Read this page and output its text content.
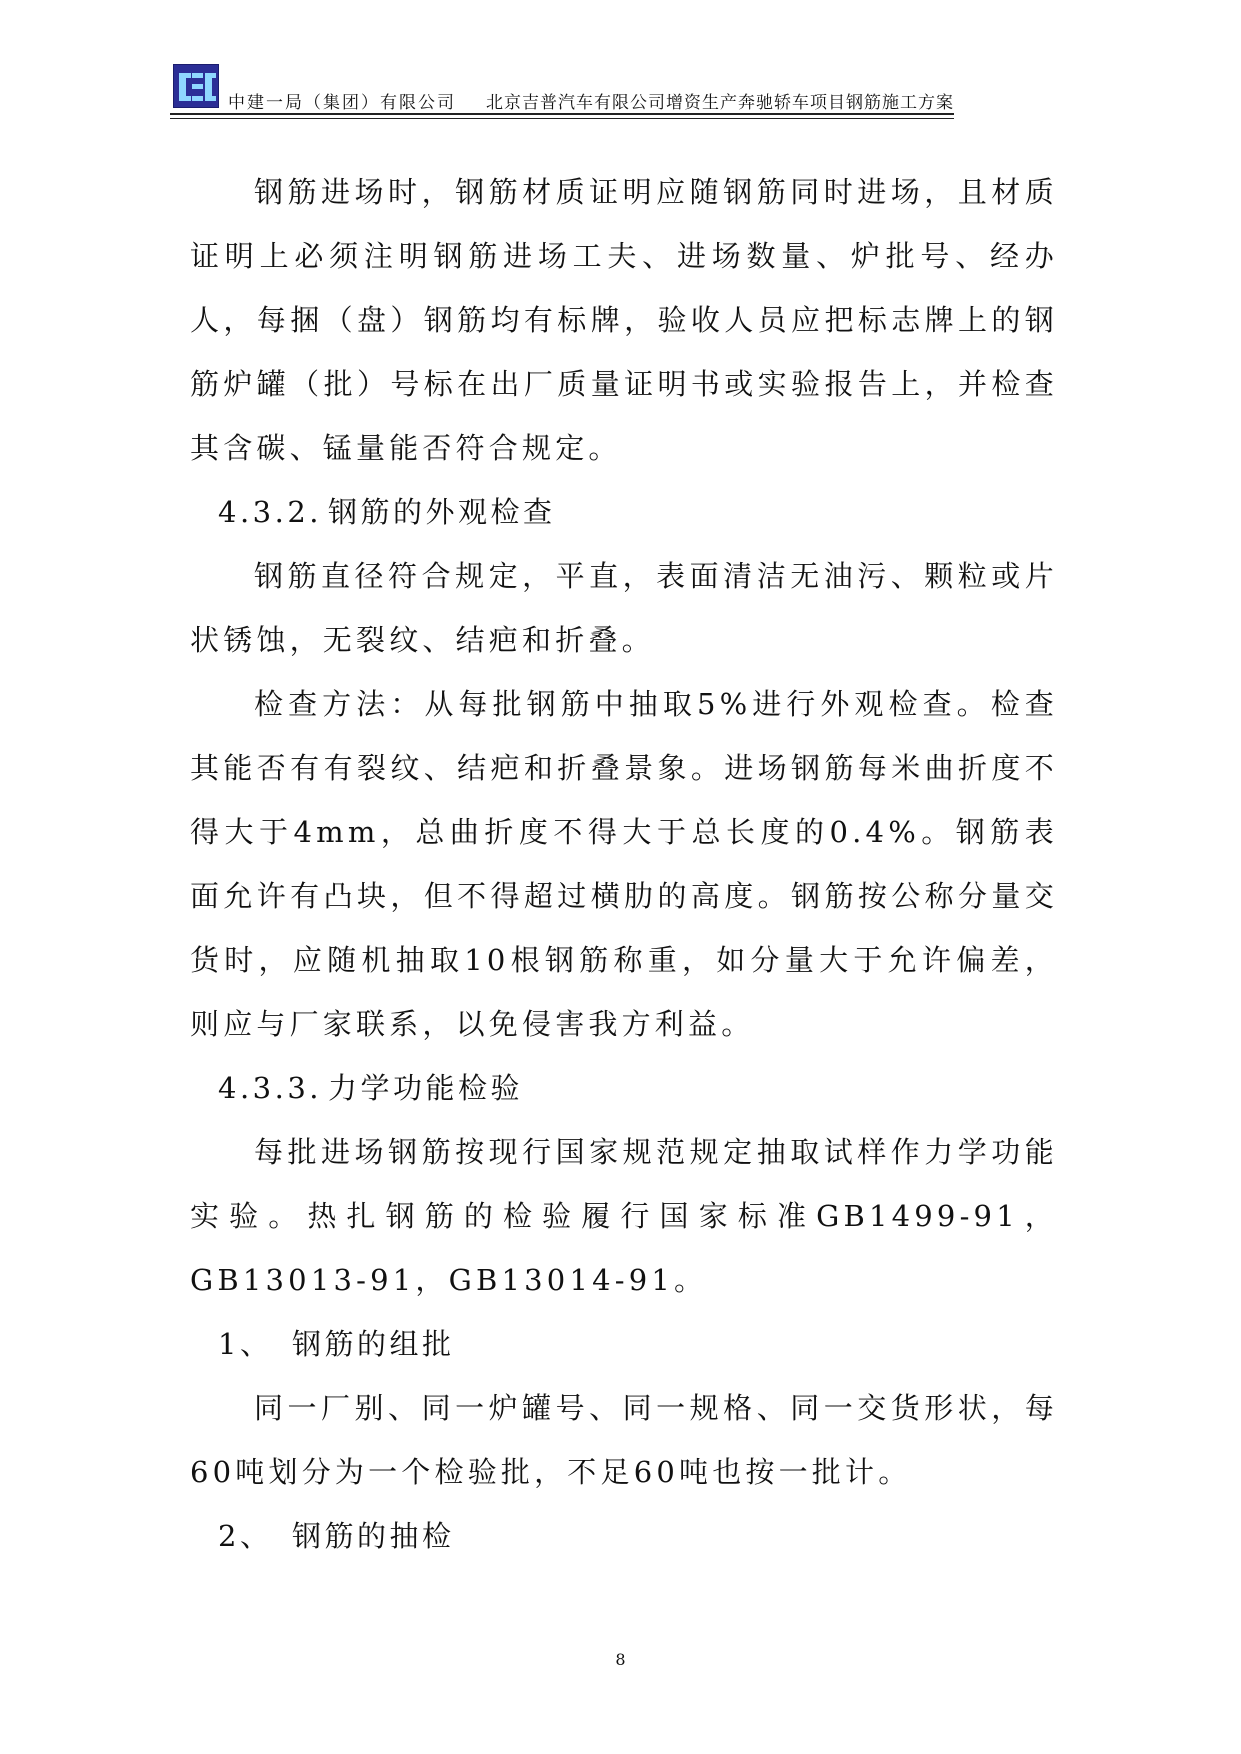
中建一局（集团）有限公司 北京吉普汽车有限公司增资生产奔驰轿车项目钢筋施工方案

钢筋进场时，钢筋材质证明应随钢筋同时进场，且材质证明上必须注明钢筋进场工夫、进场数量、炉批号、经办人，每捆（盘）钢筋均有标牌，验收人员应把标志牌上的钢筋炉罐（批）号标在出厂质量证明书或实验报告上，并检查其含碳、锰量能否符合规定。

4.3.2. 钢筋的外观检查

钢筋直径符合规定，平直，表面清洁无油污、颗粒或片状锈蚀，无裂纹、结疤和折叠。

检查方法：从每批钢筋中抽取5%进行外观检查。检查其能否有有裂纹、结疤和折叠景象。进场钢筋每米曲折度不得大于4mm，总曲折度不得大于总长度的0.4%。钢筋表面允许有凸块，但不得超过横肋的高度。钢筋按公称分量交货时，应随机抽取10根钢筋称重，如分量大于允许偏差，则应与厂家联系，以免侵害我方利益。

4.3.3. 力学功能检验

每批进场钢筋按现行国家规范规定抽取试样作力学功能实验。热扎钢筋的检验履行国家标准GB1499-91，GB13013-91，GB13014-91。

1、 钢筋的组批

同一厂别、同一炉罐号、同一规格、同一交货形状，每60吨划分为一个检验批，不足60吨也按一批计。

2、 钢筋的抽检

8
